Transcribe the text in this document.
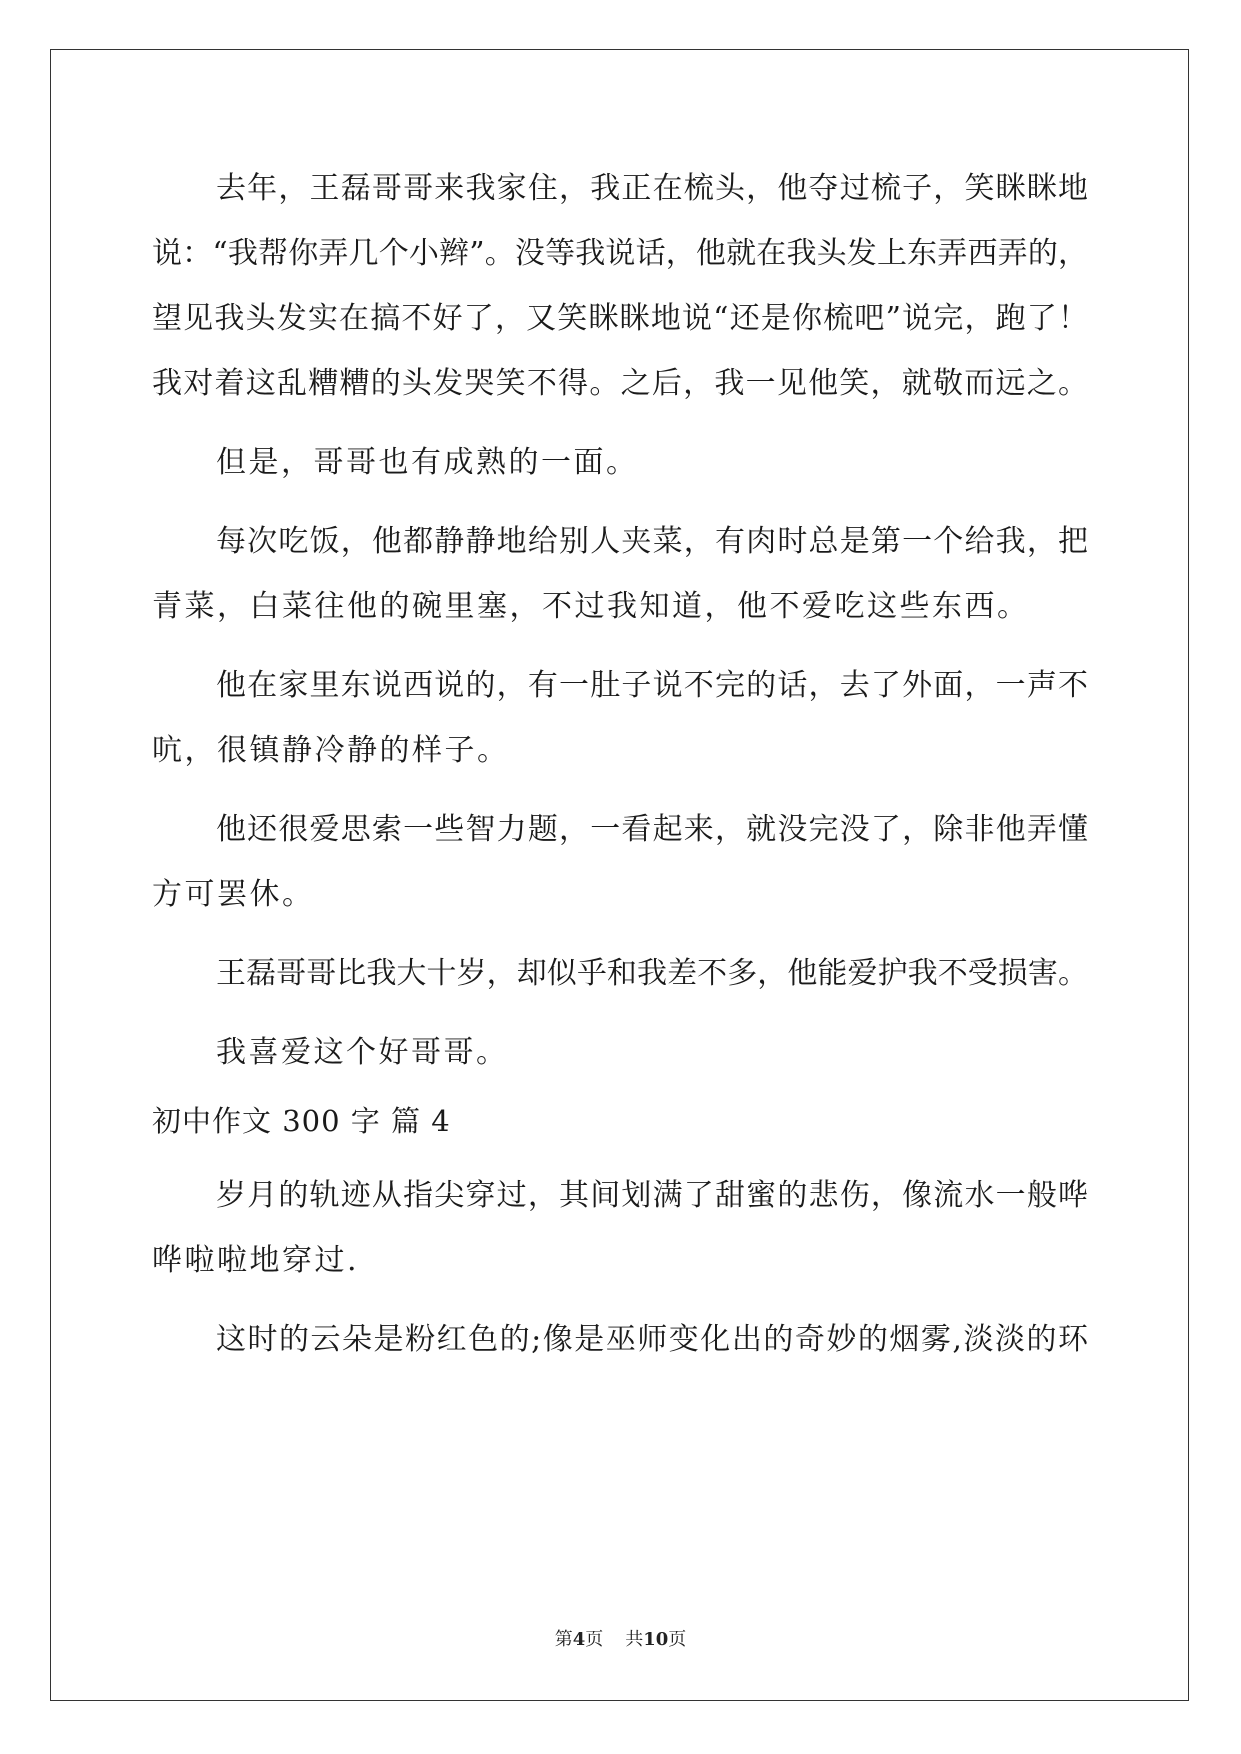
去年，王磊哥哥来我家住，我正在梳头，他夺过梳子，笑眯眯地
说：“我帮你弄几个小辫”。没等我说话，他就在我头发上东弄西弄的，
望见我头发实在搞不好了，又笑眯眯地说“还是你梳吧”说完，跑了！
我对着这乱糟糟的头发哭笑不得。之后，我一见他笑，就敬而远之。
但是，哥哥也有成熟的一面。
每次吃饭，他都静静地给别人夹菜，有肉时总是第一个给我，把
青菜，白菜往他的碗里塞，不过我知道，他不爱吃这些东西。
他在家里东说西说的，有一肚子说不完的话，去了外面，一声不
吭，很镇静冷静的样子。
他还很爱思索一些智力题，一看起来，就没完没了，除非他弄懂
方可罢休。
王磊哥哥比我大十岁，却似乎和我差不多，他能爱护我不受损害。
我喜爱这个好哥哥。
初中作文 300 字 篇 4
岁月的轨迹从指尖穿过，其间划满了甜蜜的悲伤，像流水一般哗
哗啦啦地穿过.
这时的云朵是粉红色的;像是巫师变化出的奇妙的烟雾,淡淡的环
第4页 共10页
